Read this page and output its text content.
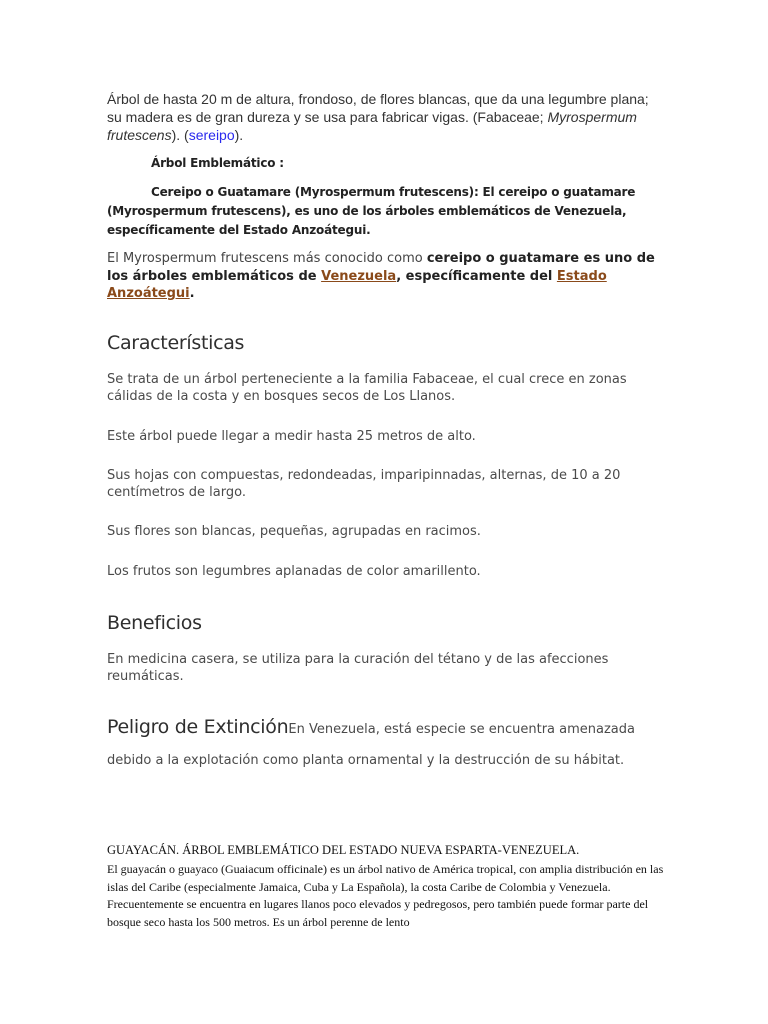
Árbol de hasta 20 m de altura, frondoso, de flores blancas, que da una legumbre plana; su madera es de gran dureza y se usa para fabricar vigas. (Fabaceae; Myrospermum frutescens). (sereipo).
Árbol Emblemático :
Cereipo o Guatamare (Myrospermum frutescens): El cereipo o guatamare (Myrospermum frutescens), es uno de los árboles emblemáticos de Venezuela, específicamente del Estado Anzoátegui.
El Myrospermum frutescens más conocido como cereipo o guatamare es uno de los árboles emblemáticos de Venezuela, específicamente del Estado Anzoátegui.
Características
Se trata de un árbol perteneciente a la familia Fabaceae, el cual crece en zonas cálidas de la costa y en bosques secos de Los Llanos.
Este árbol puede llegar a medir hasta 25 metros de alto.
Sus hojas con compuestas, redondeadas, imparipinnadas, alternas, de 10 a 20 centímetros de largo.
Sus flores son blancas, pequeñas, agrupadas en racimos.
Los frutos son legumbres aplanadas de color amarillento.
Beneficios
En medicina casera, se utiliza para la curación del tétano y de las afecciones reumáticas.
Peligro de ExtinciónEn Venezuela, está especie se encuentra amenazada
debido a la explotación como planta ornamental y la destrucción de su hábitat.
GUAYACÁN. ÁRBOL EMBLEMÁTICO DEL ESTADO NUEVA ESPARTA-VENEZUELA.
El guayacán o guayaco (Guaiacum officinale) es un árbol nativo de América tropical, con amplia distribución en las islas del Caribe (especialmente Jamaica, Cuba y La Española), la costa Caribe de Colombia y Venezuela. Frecuentemente se encuentra en lugares llanos poco elevados y pedregosos, pero también puede formar parte del bosque seco hasta los 500 metros. Es un árbol perenne de lento
